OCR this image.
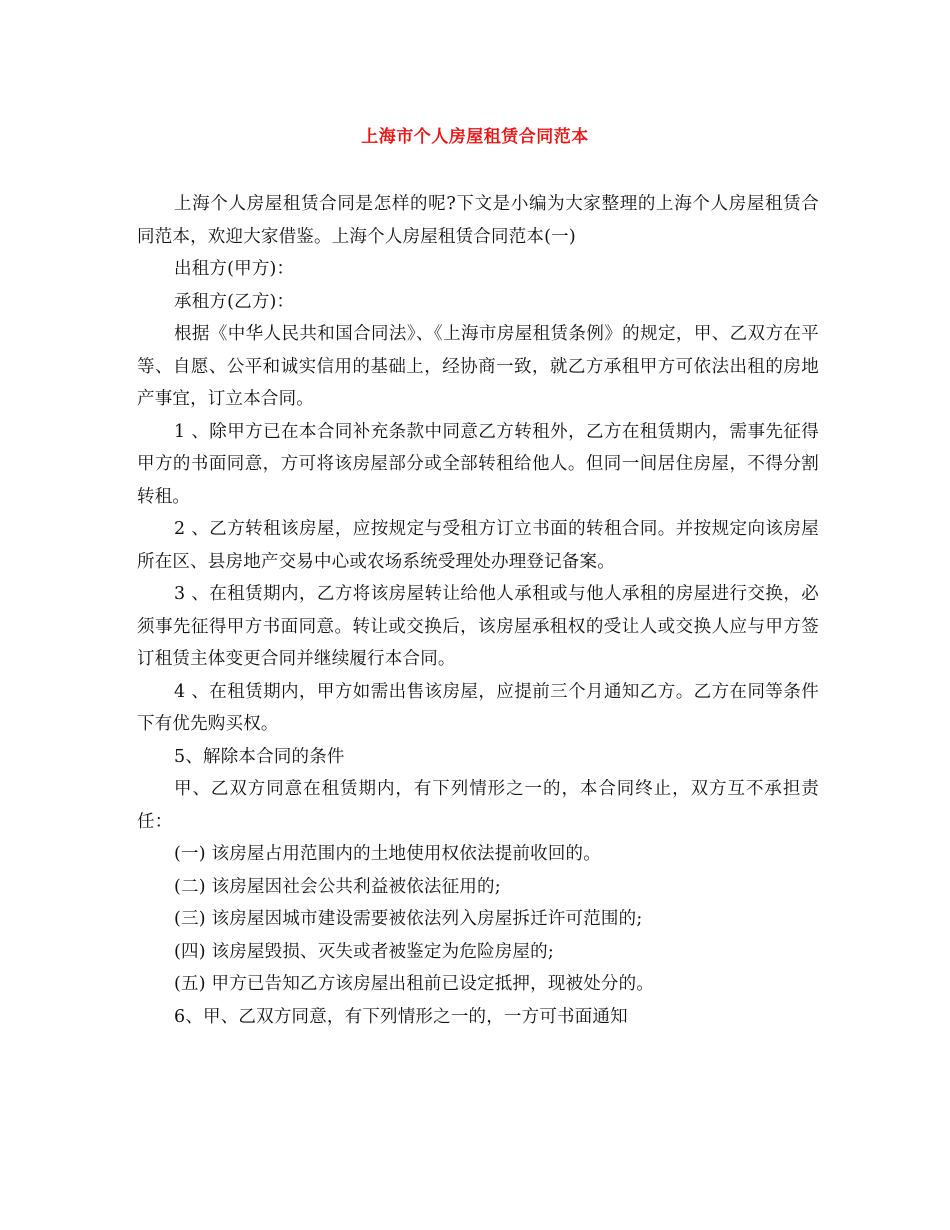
上海市个人房屋租赁合同范本

上海个人房屋租赁合同是怎样的呢?下文是小编为大家整理的上海个人房屋租赁合同范本，欢迎大家借鉴。上海个人房屋租赁合同范本(一)

出租方(甲方)：

承租方(乙方)：

根据《中华人民共和国合同法》、《上海市房屋租赁条例》的规定，甲、乙双方在平等、自愿、公平和诚实信用的基础上，经协商一致，就乙方承租甲方可依法出租的房地产事宜，订立本合同。

1 、除甲方已在本合同补充条款中同意乙方转租外，乙方在租赁期内，需事先征得甲方的书面同意，方可将该房屋部分或全部转租给他人。但同一间居住房屋，不得分割转租。

2 、乙方转租该房屋，应按规定与受租方订立书面的转租合同。并按规定向该房屋所在区、县房地产交易中心或农场系统受理处办理登记备案。

3 、在租赁期内，乙方将该房屋转让给他人承租或与他人承租的房屋进行交换，必须事先征得甲方书面同意。转让或交换后，该房屋承租权的受让人或交换人应与甲方签订租赁主体变更合同并继续履行本合同。

4 、在租赁期内，甲方如需出售该房屋，应提前三个月通知乙方。乙方在同等条件下有优先购买权。

5、解除本合同的条件

甲、乙双方同意在租赁期内，有下列情形之一的，本合同终止，双方互不承担责任：

(一) 该房屋占用范围内的土地使用权依法提前收回的。

(二) 该房屋因社会公共利益被依法征用的;

(三) 该房屋因城市建设需要被依法列入房屋拆迁许可范围的;

(四) 该房屋毁损、灭失或者被鉴定为危险房屋的;

(五) 甲方已告知乙方该房屋出租前已设定抵押，现被处分的。

6、甲、乙双方同意，有下列情形之一的，一方可书面通知
